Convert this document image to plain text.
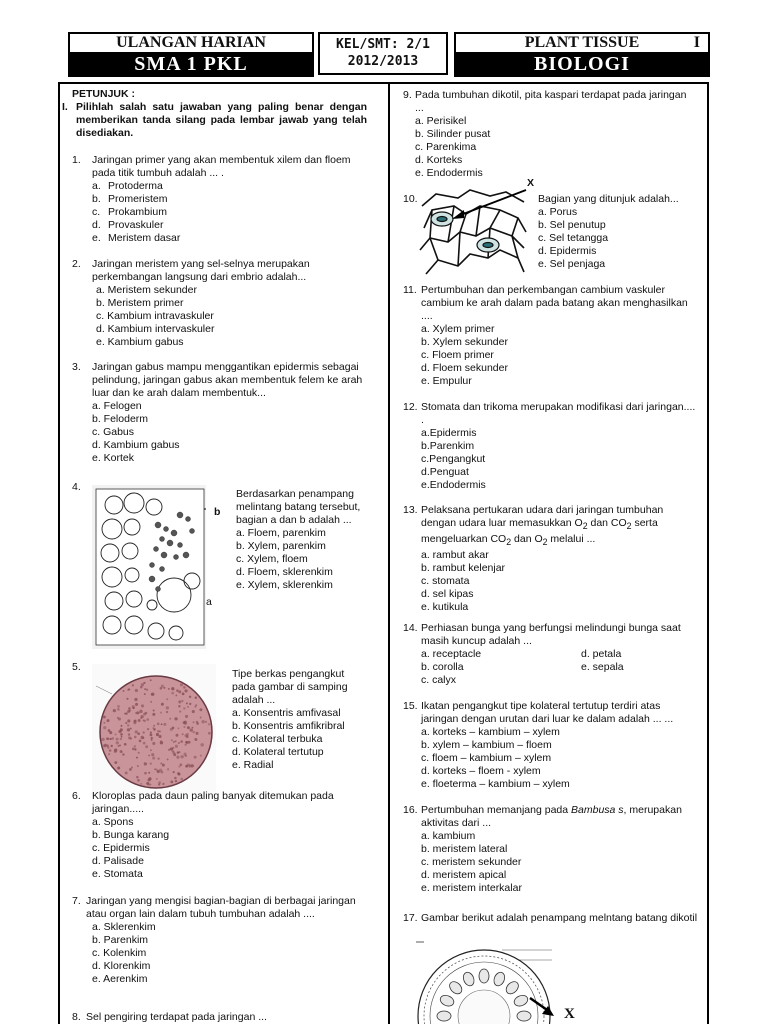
ULANGAN HARIAN
SMA 1 PKL
KEL/SMT: 2/1
2012/2013
PLANT TISSUE	I
BIOLOGI
PETUNJUK :
I. Pilihlah salah satu jawaban yang paling benar dengan memberikan tanda silang pada lembar jawab yang telah disediakan.
1.	Jaringan primer yang akan membentuk xilem dan floem pada titik tumbuh adalah ... .
a. Protoderma
b. Promeristem
c. Prokambium
d. Provaskuler
e. Meristem dasar
2.	Jaringan meristem yang sel-selnya merupakan perkembangan langsung dari embrio adalah...
a. Meristem sekunder
b. Meristem primer
c. Kambium intravaskuler
d. Kambium intervaskuler
e. Kambium gabus
3.	Jaringan gabus mampu menggantikan epidermis sebagai pelindung, jaringan gabus akan membentuk felem ke arah luar dan ke arah dalam membentuk...
a. Felogen
b. Feloderm
c. Gabus
d. Kambium gabus
e. Kortek
4.
b
a
Berdasarkan penampang melintang batang tersebut, bagian a dan b adalah ...
a. Floem, parenkim
b. Xylem, parenkim
c. Xylem, floem
d. Floem, sklerenkim
e. Xylem, sklerenkim
5.
Tipe berkas pengangkut pada gambar di samping adalah ...
a. Konsentris amfivasal
b. Konsentris amfikribral
c. Kolateral terbuka
d. Kolateral tertutup
e. Radial
6.	Kloroplas pada daun paling banyak ditemukan pada jaringan.....
a. Spons
b. Bunga karang
c. Epidermis
d. Palisade
e. Stomata
7. Jaringan yang mengisi bagian-bagian di berbagai jaringan atau organ lain dalam tubuh tumbuhan adalah ....
a. Sklerenkim
b. Parenkim
c. Kolenkim
d. Klorenkim
e. Aerenkim
8. Sel pengiring terdapat pada jaringan ...
9. Pada tumbuhan dikotil, pita kaspari terdapat pada jaringan ...
a. Perisikel
b. Silinder pusat
c. Parenkima
d. Korteks
e. Endodermis
10.
X
Bagian yang ditunjuk adalah...
a. Porus
b. Sel penutup
c. Sel tetangga
d. Epidermis
e. Sel penjaga
11. Pertumbuhan dan perkembangan cambium vaskuler cambium ke arah dalam pada batang akan menghasilkan ....
a. Xylem primer
b. Xylem sekunder
c. Floem primer
d. Floem sekunder
e. Empulur
12. Stomata dan trikoma merupakan modifikasi dari jaringan.... .
a.Epidermis
b.Parenkim
c.Pengangkut
d.Penguat
e.Endodermis
13. Pelaksana pertukaran udara dari jaringan tumbuhan dengan udara luar memasukkan $O_2$ dan $CO_2$ serta mengeluarkan $CO_2$ dan $O_2$ melalui ...
a. rambut akar
b. rambut kelenjar
c. stomata
d. sel kipas
e. kutikula
14. Perhiasan bunga yang berfungsi melindungi bunga saat masih kuncup adalah ...
a. receptacle
b. corolla
c. calyx
d. petala
e. sepala
15. Ikatan pengangkut tipe kolateral tertutup terdiri atas jaringan dengan urutan dari luar ke dalam adalah ... ...
a. korteks – kambium – xylem
b. xylem – kambium – floem
c. floem – kambium – xylem
d. korteks – floem - xylem
e. floeterma – kambium – xylem
16. Pertumbuhan memanjang pada Bambusa s, merupakan aktivitas dari ...
a. kambium
b. meristem lateral
c. meristem sekunder
d. meristem apical
e. meristem interkalar
17. Gambar berikut adalah penampang melntang batang dikotil
X
